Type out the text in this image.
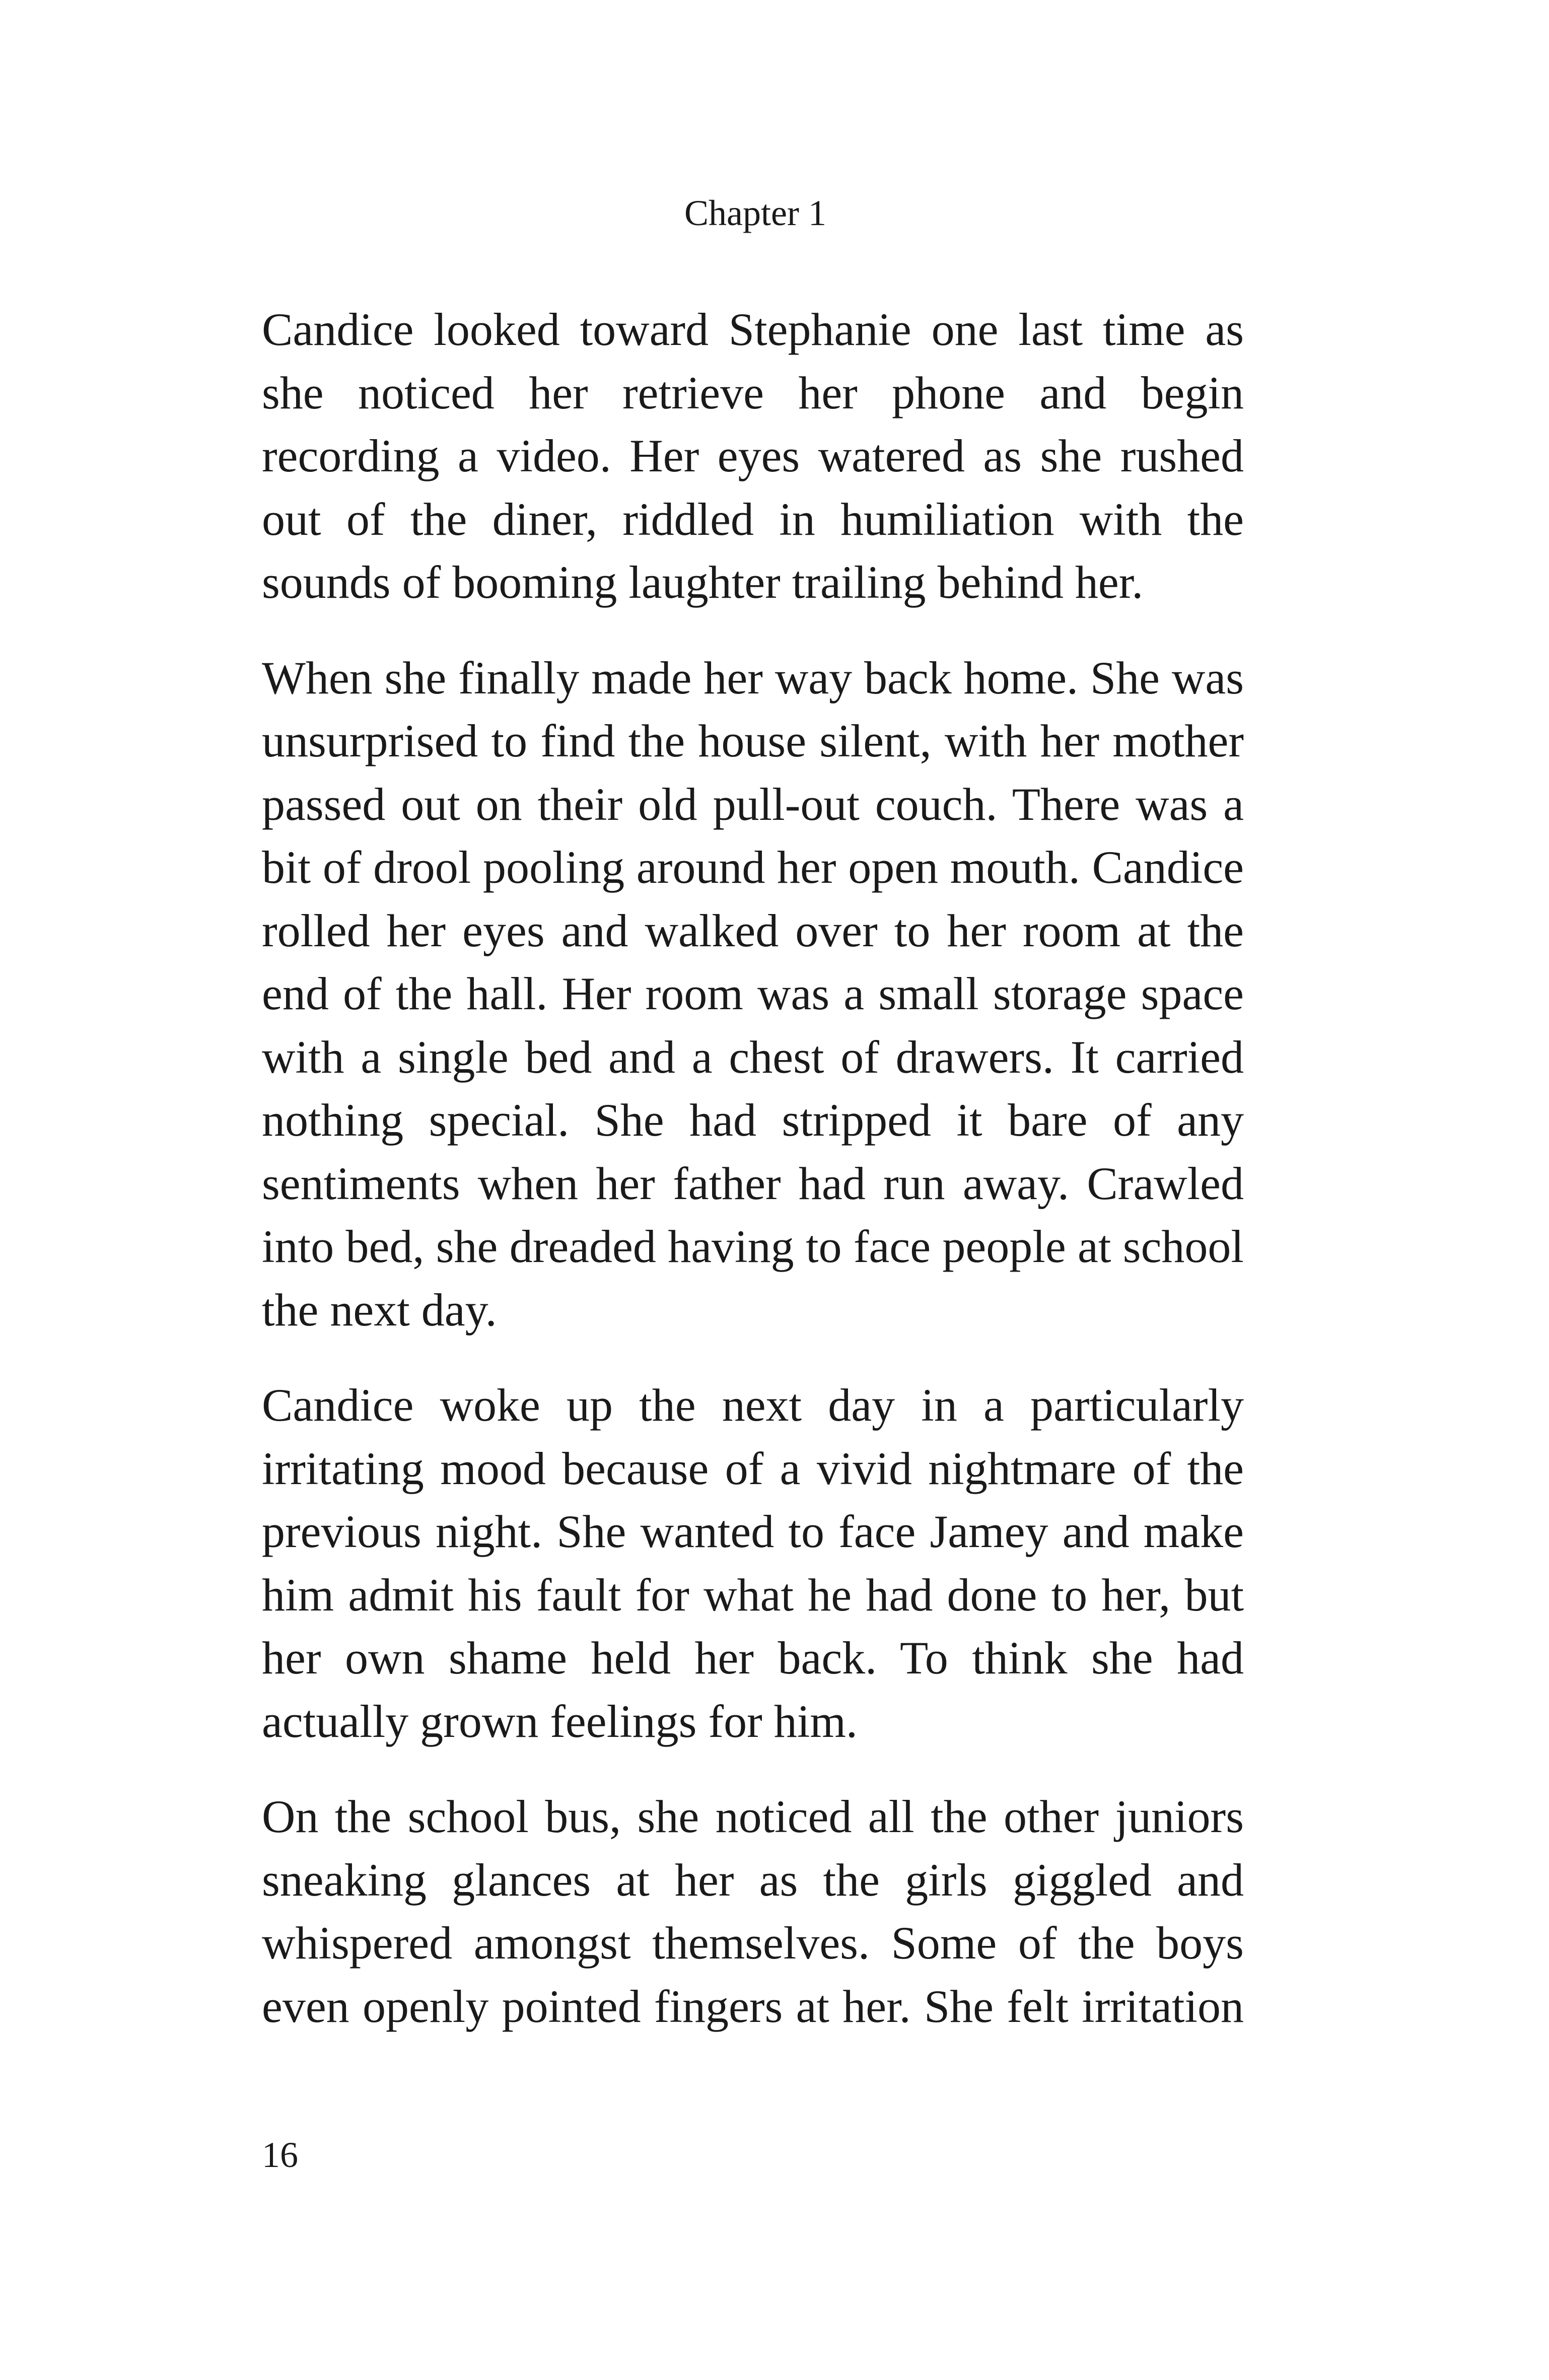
Chapter 1

Candice looked toward Stephanie one last time as she noticed her retrieve her phone and begin recording a video. Her eyes watered as she rushed out of the diner, riddled in humiliation with the sounds of booming laughter trailing behind her.

When she finally made her way back home. She was unsurprised to find the house silent, with her mother passed out on their old pull-out couch. There was a bit of drool pooling around her open mouth. Candice rolled her eyes and walked over to her room at the end of the hall. Her room was a small storage space with a single bed and a chest of drawers. It carried nothing special. She had stripped it bare of any sentiments when her father had run away. Crawled into bed, she dreaded having to face people at school the next day.

Candice woke up the next day in a particularly irritating mood because of a vivid nightmare of the previous night. She wanted to face Jamey and make him admit his fault for what he had done to her, but her own shame held her back. To think she had actually grown feelings for him.

On the school bus, she noticed all the other juniors sneaking glances at her as the girls giggled and whispered amongst themselves. Some of the boys even openly pointed fingers at her. She felt irritation

16
